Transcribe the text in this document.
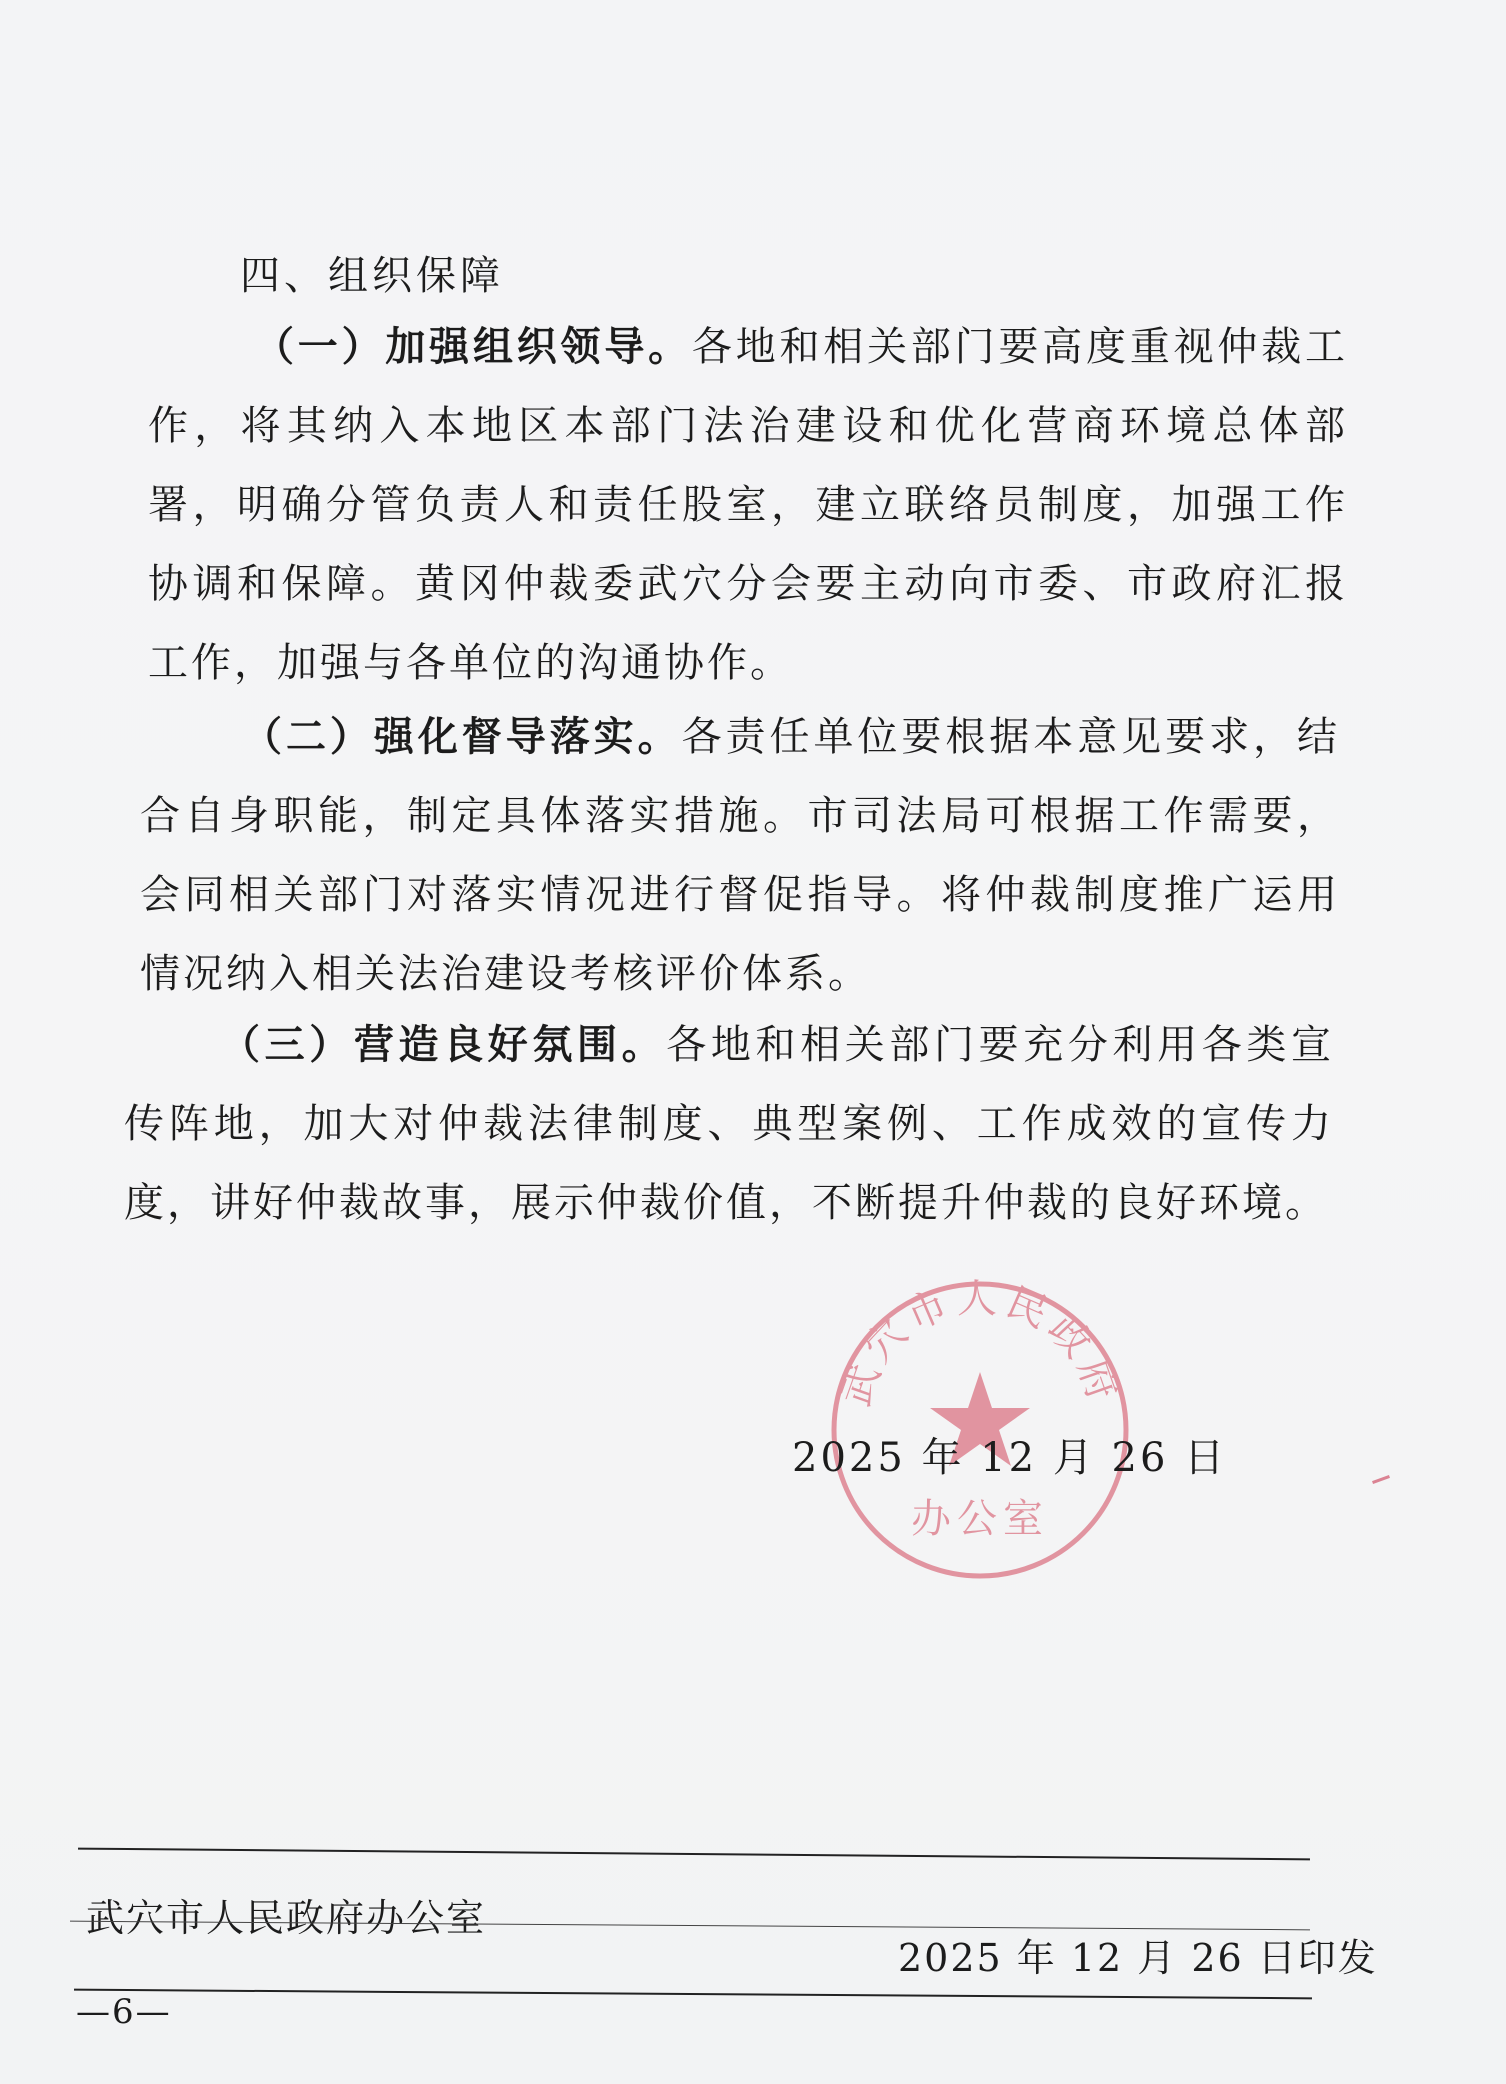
四、组织保障
（一）加强组织领导。各地和相关部门要高度重视仲裁工作，将其纳入本地区本部门法治建设和优化营商环境总体部署，明确分管负责人和责任股室，建立联络员制度，加强工作协调和保障。黄冈仲裁委武穴分会要主动向市委、市政府汇报工作，加强与各单位的沟通协作。
（二）强化督导落实。各责任单位要根据本意见要求，结合自身职能，制定具体落实措施。市司法局可根据工作需要，会同相关部门对落实情况进行督促指导。将仲裁制度推广运用情况纳入相关法治建设考核评价体系。
（三）营造良好氛围。各地和相关部门要充分利用各类宣传阵地，加大对仲裁法律制度、典型案例、工作成效的宣传力度，讲好仲裁故事，展示仲裁价值，不断提升仲裁的良好环境。
武穴市人民政府
办公室
2025 年 12 月 26 日
武穴市人民政府办公室
2025 年 12 月 26 日印发
—6—
